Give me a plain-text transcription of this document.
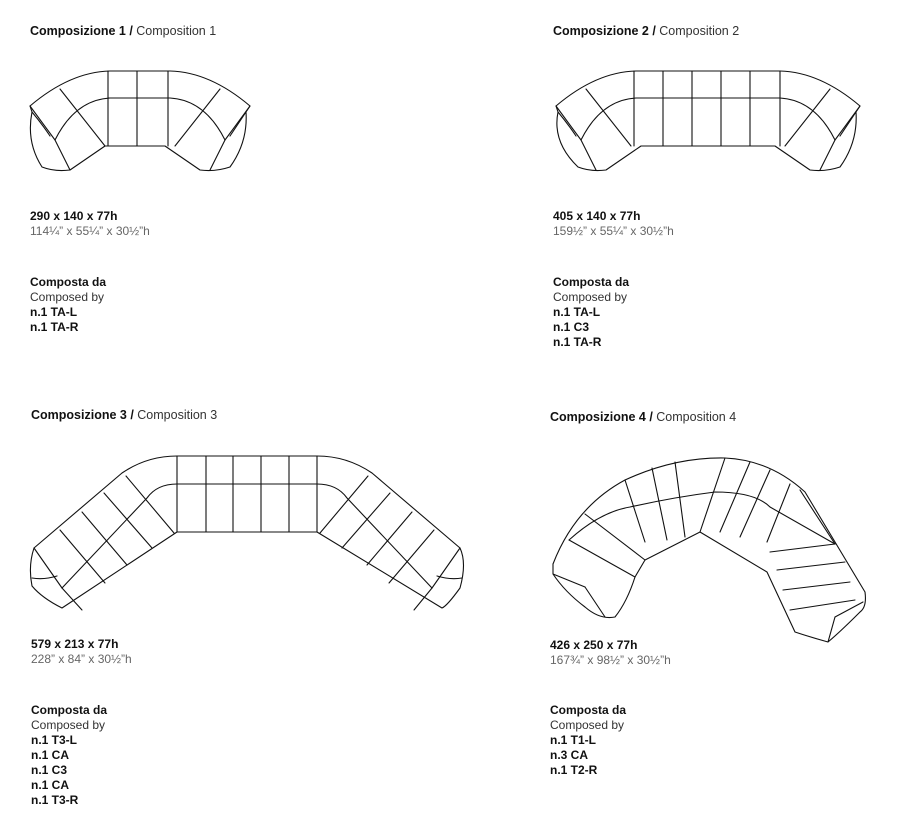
Composizione 1 / Composition 1
290 x 140 x 77h
114¼” x 55¼” x 30½”h
Composta da
Composed by
n.1 TA-L
n.1 TA-R
Composizione 2 / Composition 2
405 x 140 x 77h
159½” x 55¼” x 30½”h
Composta da
Composed by
n.1 TA-L
n.1 C3
n.1 TA-R
Composizione 3 / Composition 3
579 x 213 x 77h
228” x 84” x 30½”h
Composta da
Composed by
n.1 T3-L
n.1 CA
n.1 C3
n.1 CA
n.1 T3-R
Composizione 4 / Composition 4
426 x 250 x 77h
167¾” x 98½” x 30½”h
Composta da
Composed by
n.1 T1-L
n.3 CA
n.1 T2-R
